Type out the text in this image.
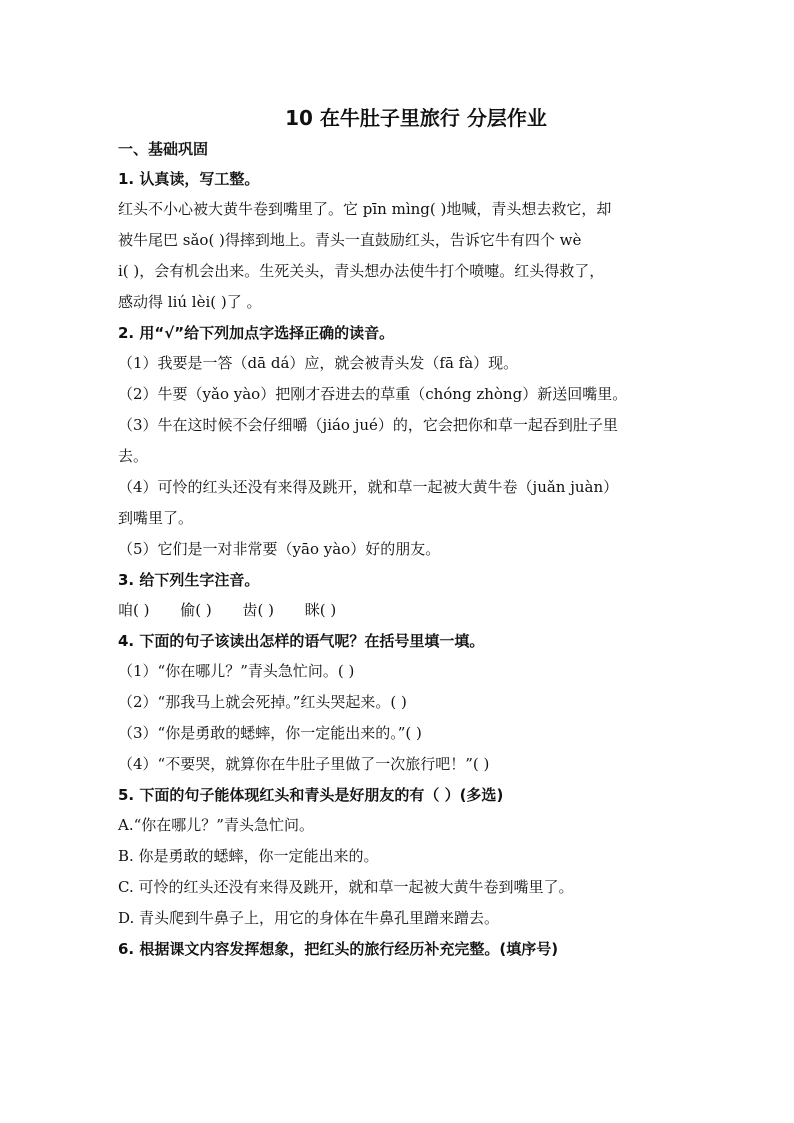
10 在牛肚子里旅行 分层作业
一、基础巩固
1. 认真读，写工整。
红头不小心被大黄牛卷到嘴里了。它 pīn mìng( )地喊，青头想去救它，却
被牛尾巴 sǎo( )得摔到地上。青头一直鼓励红头，告诉它牛有四个 wè
i( )，会有机会出来。生死关头，青头想办法使牛打个喷嚏。红头得救了，
感动得 liú lèi( )了 。
2. 用“√”给下列加点字选择正确的读音。
（1）我要是一答（dā dá）应，就会被青头发（fā fà）现。
（2）牛要（yǎo yào）把刚才吞进去的草重（chóng zhòng）新送回嘴里。
（3）牛在这时候不会仔细嚼（jiáo jué）的，它会把你和草一起吞到肚子里
去。
（4）可怜的红头还没有来得及跳开，就和草一起被大黄牛卷（juǎn juàn）
到嘴里了。
（5）它们是一对非常要（yāo yào）好的朋友。
3. 给下列生字注音。
咱( ) 偷( ) 齿( ) 眯( )
4. 下面的句子该读出怎样的语气呢？在括号里填一填。
（1）“你在哪儿？”青头急忙问。( )
（2）“那我马上就会死掉。”红头哭起来。( )
（3）“你是勇敢的蟋蟀，你一定能出来的。”( )
（4）“不要哭，就算你在牛肚子里做了一次旅行吧！”( )
5. 下面的句子能体现红头和青头是好朋友的有（ ）(多选)
A.“你在哪儿？”青头急忙问。
B. 你是勇敢的蟋蟀，你一定能出来的。
C. 可怜的红头还没有来得及跳开，就和草一起被大黄牛卷到嘴里了。
D. 青头爬到牛鼻子上，用它的身体在牛鼻孔里蹭来蹭去。
6. 根据课文内容发挥想象，把红头的旅行经历补充完整。(填序号)
